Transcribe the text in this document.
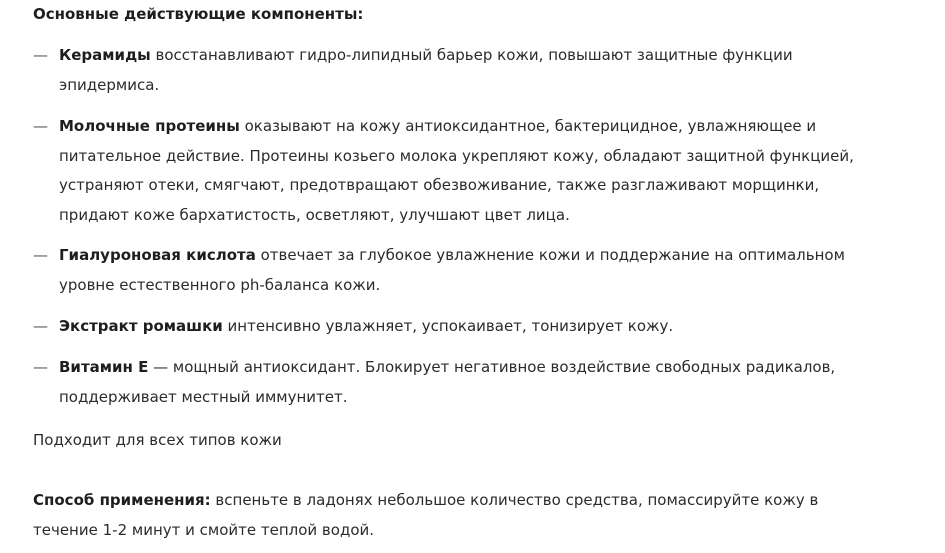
Основные действующие компоненты:
— Керамиды восстанавливают гидро-липидный барьер кожи, повышают защитные функции эпидермиса.
— Молочные протеины оказывают на кожу антиоксидантное, бактерицидное, увлажняющее и питательное действие. Протеины козьего молока укрепляют кожу, обладают защитной функцией, устраняют отеки, смягчают, предотвращают обезвоживание, также разглаживают морщинки, придают коже бархатистость, осветляют, улучшают цвет лица.
— Гиалуроновая кислота отвечает за глубокое увлажнение кожи и поддержание на оптимальном уровне естественного ph-баланса кожи.
— Экстракт ромашки интенсивно увлажняет, успокаивает, тонизирует кожу.
— Витамин Е — мощный антиоксидант. Блокирует негативное воздействие свободных радикалов, поддерживает местный иммунитет.
Подходит для всех типов кожи
Способ применения: вспеньте в ладонях небольшое количество средства, помассируйте кожу в течение 1-2 минут и смойте теплой водой.
